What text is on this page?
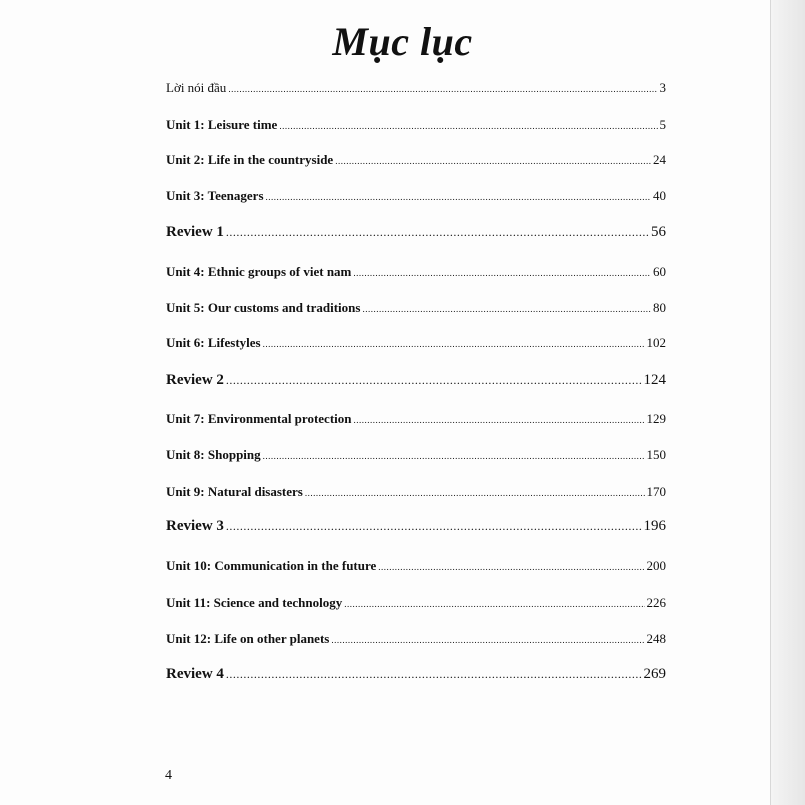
Mục lục
Lời nói đầu .....	3
Unit 1: Leisure time .....	5
Unit 2: Life in the countryside .....	24
Unit 3: Teenagers .....	40
Review 1 .....	56
Unit 4: Ethnic groups of viet nam .....	60
Unit 5: Our customs and traditions .....	80
Unit 6: Lifestyles .....	102
Review 2 .....	124
Unit 7: Environmental protection .....	129
Unit 8: Shopping .....	150
Unit 9: Natural disasters .....	170
Review 3 .....	196
Unit 10: Communication in the future .....	200
Unit 11: Science and technology .....	226
Unit 12: Life on other planets .....	248
Review 4 .....	269
4
